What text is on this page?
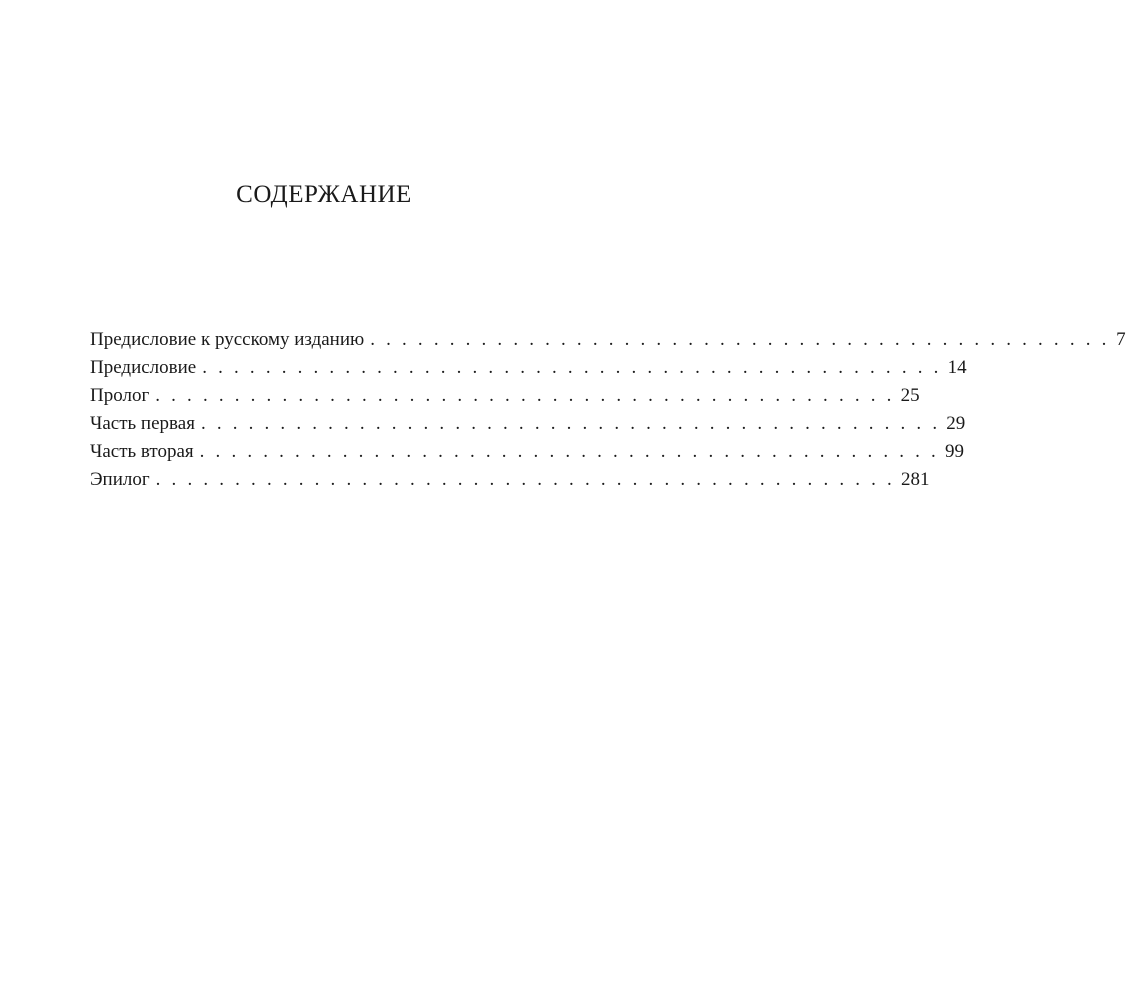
СОДЕРЖАНИЕ
Предисловие к русскому изданию . . . . . . . . . . . . . . . . . . . . . . . . . . . . . . . . . . . . . . . . . . . . . . . 7
Предисловие . . . . . . . . . . . . . . . . . . . . . . . . . . . . . . . . . . . . . . . . . . . . . . . 14
Пролог . . . . . . . . . . . . . . . . . . . . . . . . . . . . . . . . . . . . . . . . . . . . . . . 25
Часть первая . . . . . . . . . . . . . . . . . . . . . . . . . . . . . . . . . . . . . . . . . . . . . . . 29
Часть вторая . . . . . . . . . . . . . . . . . . . . . . . . . . . . . . . . . . . . . . . . . . . . . . . 99
Эпилог . . . . . . . . . . . . . . . . . . . . . . . . . . . . . . . . . . . . . . . . . . . . . . . 281
